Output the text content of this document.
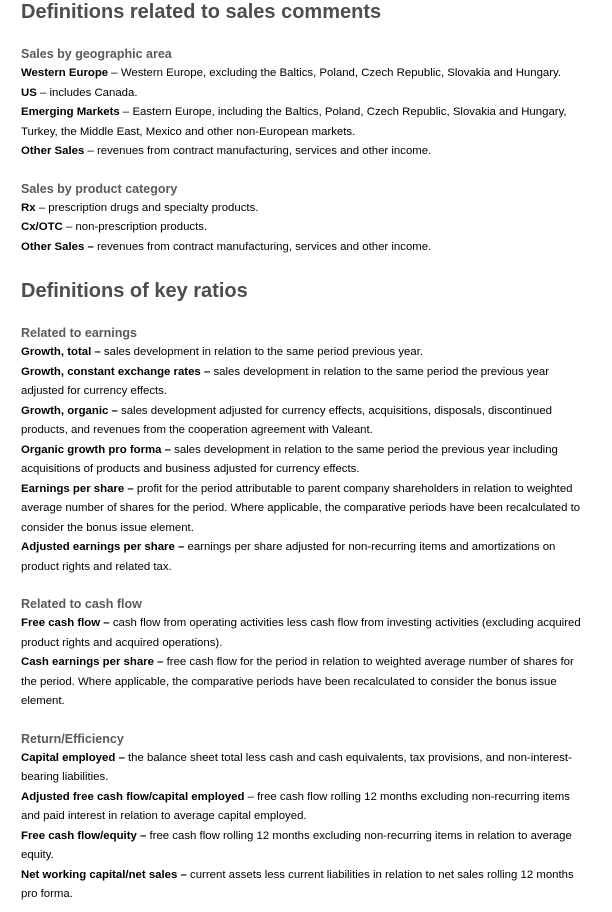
Definitions related to sales comments
Sales by geographic area

Western Europe – Western Europe, excluding the Baltics, Poland, Czech Republic, Slovakia and Hungary.

US – includes Canada.

Emerging Markets – Eastern Europe, including the Baltics, Poland, Czech Republic, Slovakia and Hungary, Turkey, the Middle East, Mexico and other non-European markets.

Other Sales – revenues from contract manufacturing, services and other income.

Sales by product category

Rx – prescription drugs and specialty products.

Cx/OTC – non-prescription products.

Other Sales – revenues from contract manufacturing, services and other income.

Definitions of key ratios
Related to earnings

Growth, total – sales development in relation to the same period previous year.

Growth, constant exchange rates – sales development in relation to the same period the previous year adjusted for currency effects.

Growth, organic – sales development adjusted for currency effects, acquisitions, disposals, discontinued products, and revenues from the cooperation agreement with Valeant.

Organic growth pro forma – sales development in relation to the same period the previous year including acquisitions of products and business adjusted for currency effects.

Earnings per share – profit for the period attributable to parent company shareholders in relation to weighted average number of shares for the period. Where applicable, the comparative periods have been recalculated to consider the bonus issue element.

Adjusted earnings per share – earnings per share adjusted for non-recurring items and amortizations on product rights and related tax.

Related to cash flow

Free cash flow – cash flow from operating activities less cash flow from investing activities (excluding acquired product rights and acquired operations).

Cash earnings per share – free cash flow for the period in relation to weighted average number of shares for the period. Where applicable, the comparative periods have been recalculated to consider the bonus issue element.

Return/Efficiency

Capital employed – the balance sheet total less cash and cash equivalents, tax provisions, and non-interest-bearing liabilities.

Adjusted free cash flow/capital employed – free cash flow rolling 12 months excluding non-recurring items and paid interest in relation to average capital employed.

Free cash flow/equity – free cash flow rolling 12 months excluding non-recurring items in relation to average equity.

Net working capital/net sales – current assets less current liabilities in relation to net sales rolling 12 months pro forma.
